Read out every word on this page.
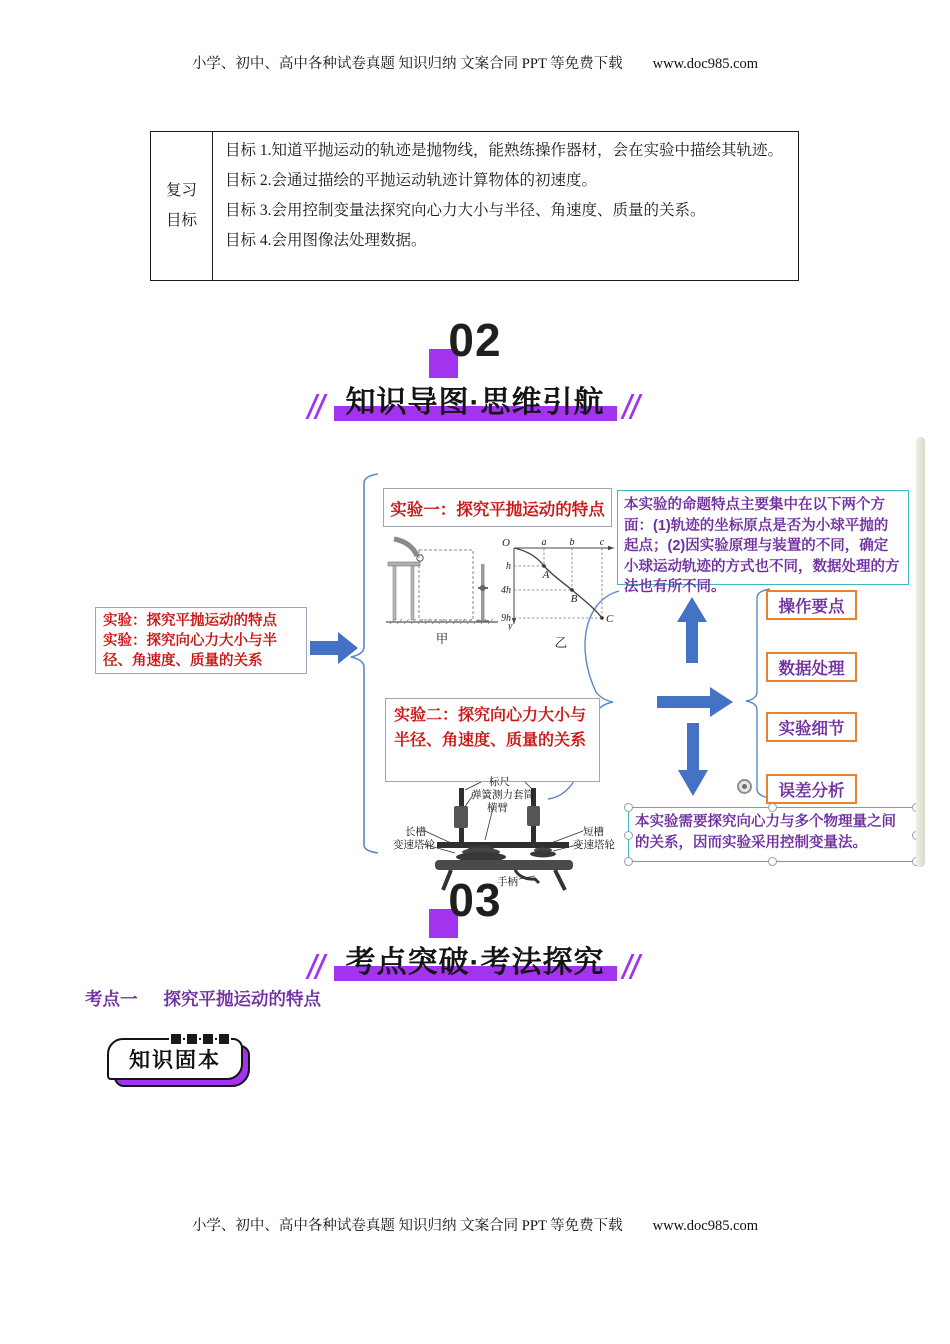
小学、初中、高中各种试卷真题 知识归纳 文案合同 PPT 等免费下载 www.doc985.com
复习
目标
目标 1.知道平抛运动的轨迹是抛物线，能熟练操作器材，会在实验中描绘其轨迹。
目标 2.会通过描绘的平抛运动轨迹计算物体的初速度。
目标 3.会用控制变量法探究向心力大小与半径、角速度、质量的关系。
目标 4.会用图像法处理数据。
02
知识导图·思维引航
实验：探究平抛运动的特点
实验：探究向心力大小与半径、角速度、质量的关系
实验一：探究平抛运动的特点
甲
O
y
a b	c
h
4h
9h
A
B
C
乙
实验二：探究向心力大小与半径、角速度、质量的关系
标尺
弹簧测力套筒
横臂
长槽
变速塔轮
短槽
变速塔轮
手柄
本实验的命题特点主要集中在以下两个方面：(1)轨迹的坐标原点是否为小球平抛的起点；(2)因实验原理与装置的不同，确定小球运动轨迹的方式也不同，数据处理的方法也有所不同。
本实验需要探究向心力与多个物理量之间的关系，因而实验采用控制变量法。
操作要点
数据处理
实验细节
误差分析
03
考点突破·考法探究
考点一 探究平抛运动的特点
知识固本
小学、初中、高中各种试卷真题 知识归纳 文案合同 PPT 等免费下载 www.doc985.com
